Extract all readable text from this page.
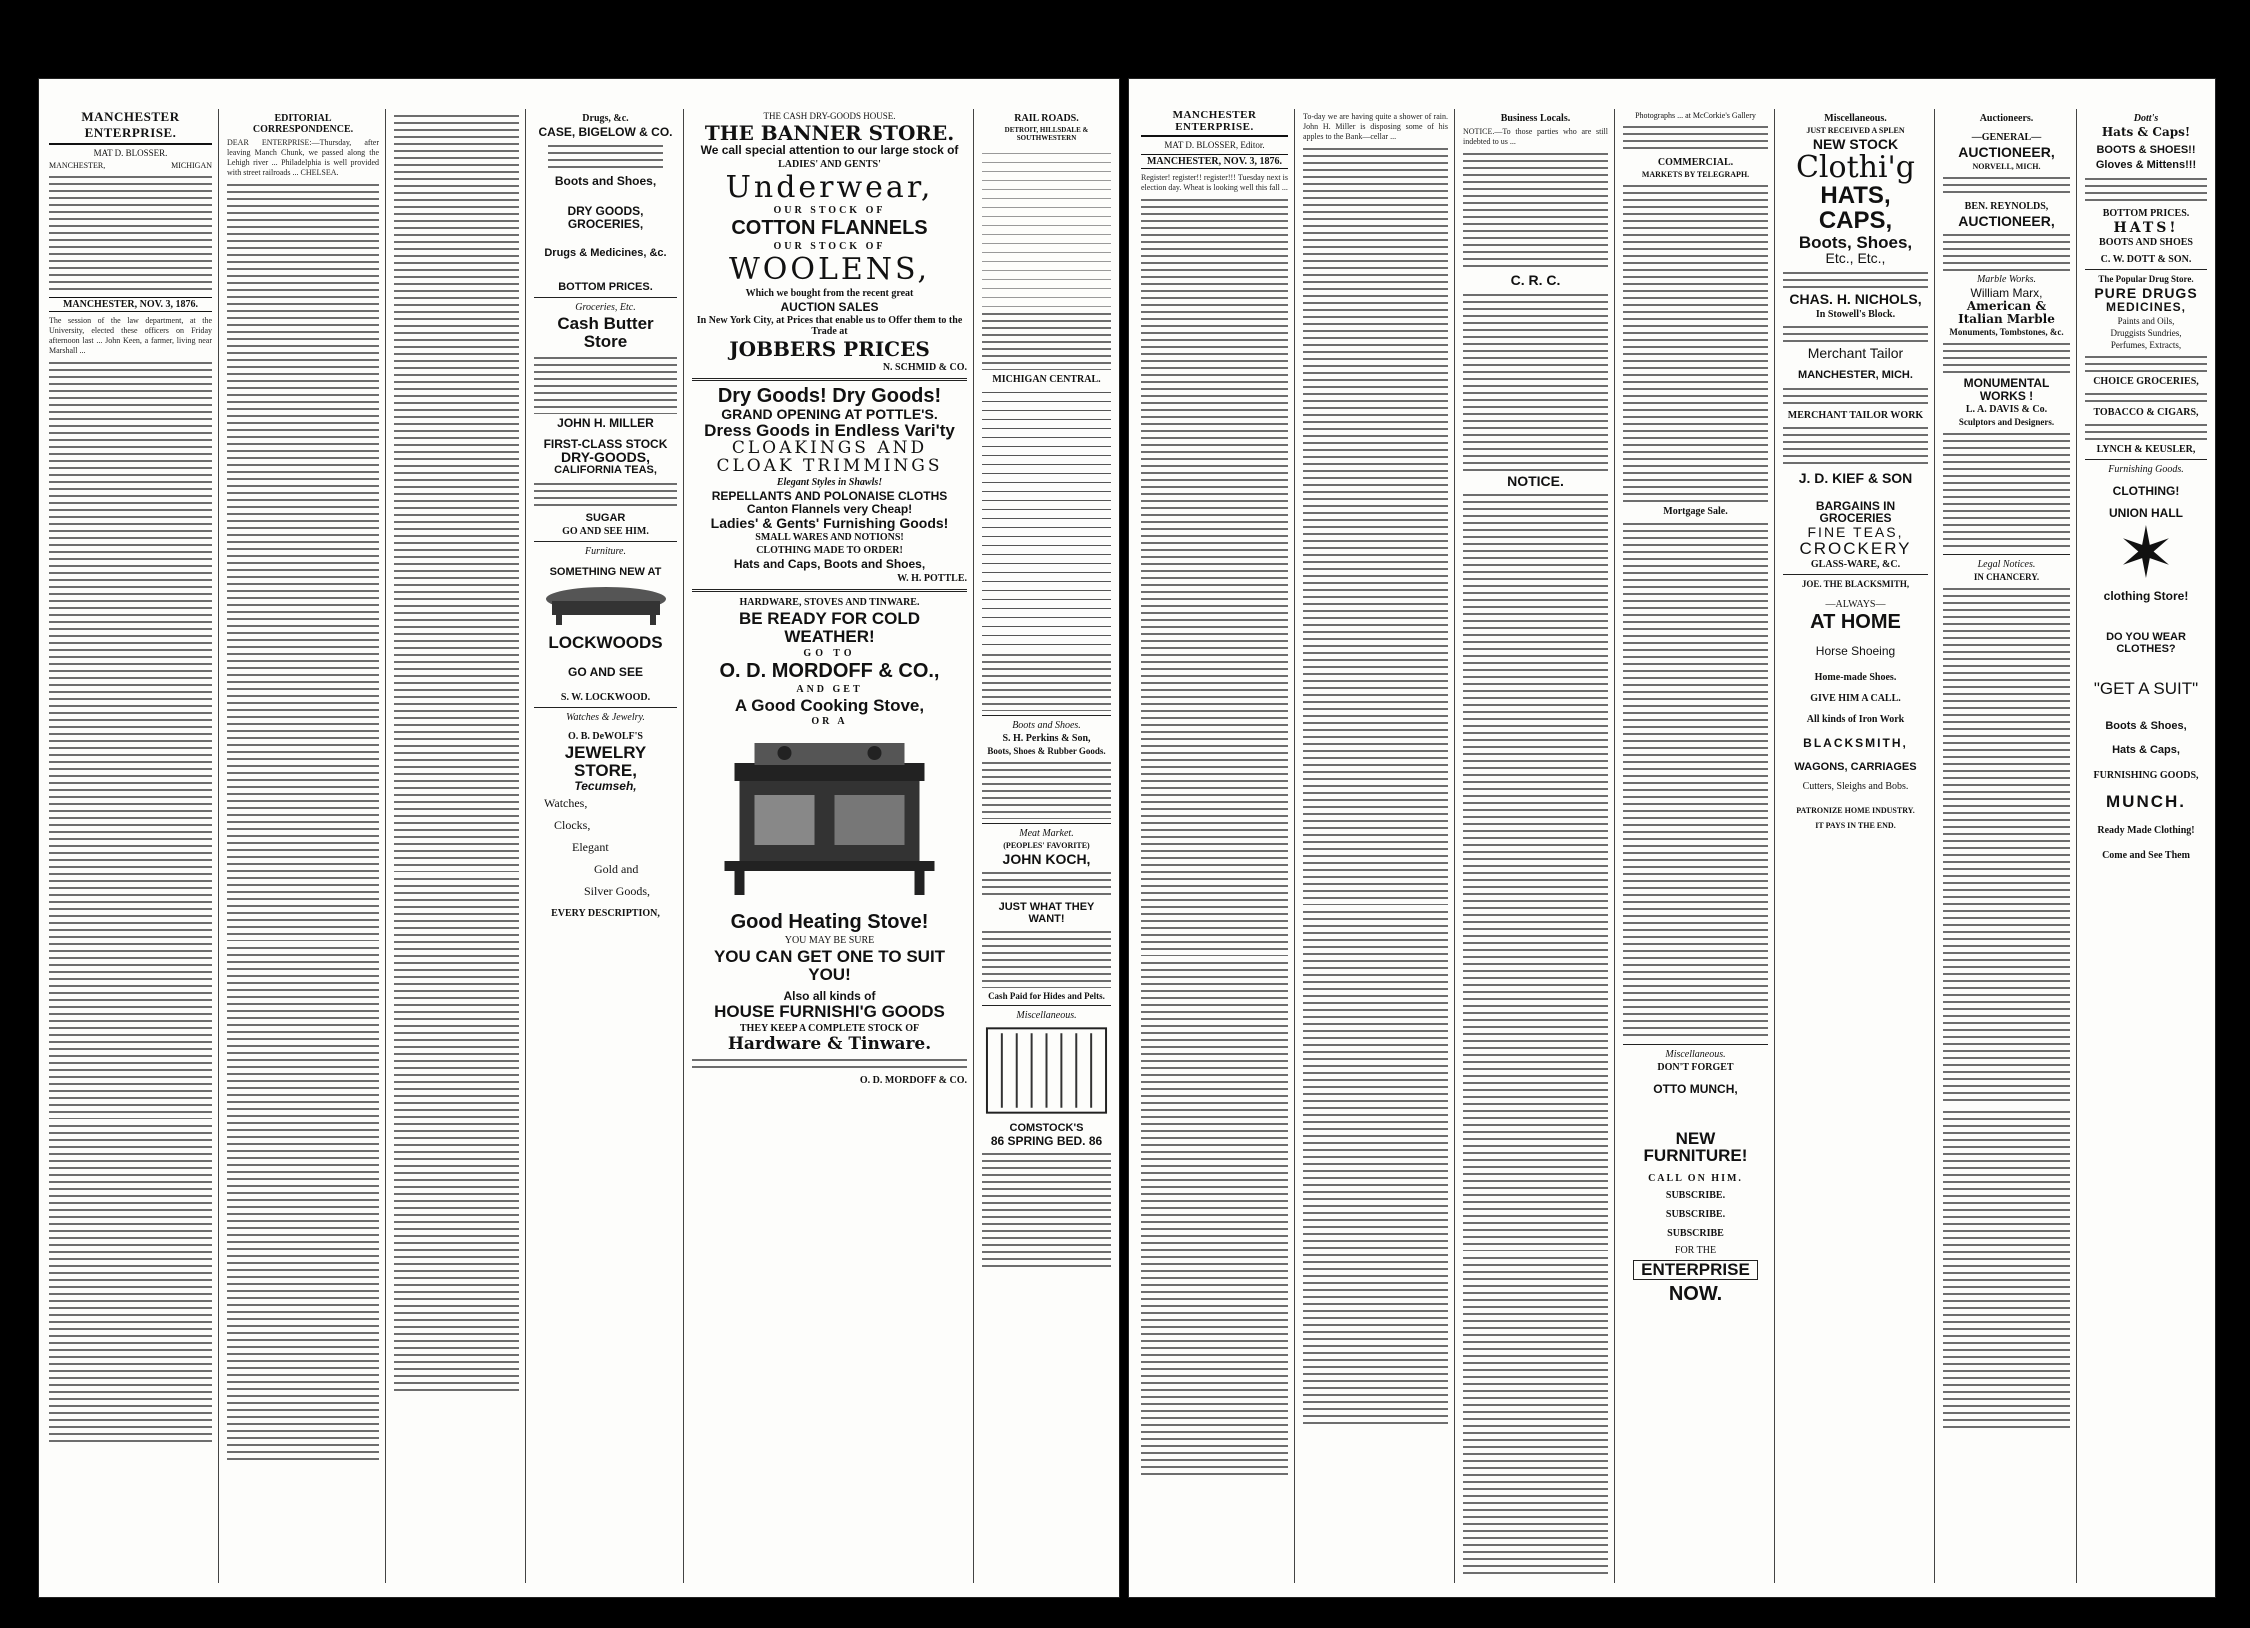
MANCHESTER ENTERPRISE.
MAT D. BLOSSER.
MANCHESTER,	MICHIGAN
MANCHESTER, NOV. 3, 1876.
The session of the law department, at the University, elected these officers on Friday afternoon last ... John Keen, a farmer, living near Marshall ...
EDITORIAL CORRESPONDENCE.
DEAR ENTERPRISE:—Thursday, after leaving Manch Chunk, we passed along the Lehigh river ... Philadelphia is well provided with street railroads ... CHELSEA.
Drugs, &c.
CASE, BIGELOW & CO.
Boots and Shoes,
DRY GOODS, GROCERIES,
Drugs & Medicines, &c.
BOTTOM PRICES.
Groceries, Etc.
Cash Butter Store
JOHN H. MILLER
FIRST-CLASS STOCK
DRY-GOODS,
CALIFORNIA TEAS,
SUGAR
GO AND SEE HIM.
Furniture.
SOMETHING NEW AT
LOCKWOODS
GO AND SEE
S. W. LOCKWOOD.
Watches & Jewelry.
O. B. DeWOLF'S
JEWELRY STORE,
Tecumseh,
Watches,
Clocks,
Elegant
Gold and
Silver Goods,
EVERY DESCRIPTION,
THE CASH DRY-GOODS HOUSE.
THE BANNER STORE.
We call special attention to our large stock of
LADIES' AND GENTS'
Underwear,
OUR STOCK OF
COTTON FLANNELS
OUR STOCK OF
WOOLENS,
Which we bought from the recent great
AUCTION SALES
In New York City, at Prices that enable us to Offer them to the Trade at
JOBBERS PRICES
N. SCHMID & CO.
Dry Goods! Dry Goods!
GRAND OPENING AT POTTLE'S.
Dress Goods in Endless Vari'ty
CLOAKINGS AND
CLOAK TRIMMINGS
Elegant Styles in Shawls!
REPELLANTS AND POLONAISE CLOTHS
Canton Flannels very Cheap!
Ladies' & Gents' Furnishing Goods!
SMALL WARES AND NOTIONS!
CLOTHING MADE TO ORDER!
Hats and Caps, Boots and Shoes,
W. H. POTTLE.
HARDWARE, STOVES AND TINWARE.
BE READY FOR COLD WEATHER!
GO TO
O. D. MORDOFF & CO.,
AND GET
A Good Cooking Stove,
OR A
Good Heating Stove!
YOU MAY BE SURE
YOU CAN GET ONE TO SUIT YOU!
Also all kinds of
HOUSE FURNISHI'G GOODS
THEY KEEP A COMPLETE STOCK OF
Hardware & Tinware.
O. D. MORDOFF & CO.
RAIL ROADS.
DETROIT, HILLSDALE & SOUTHWESTERN

MICHIGAN CENTRAL.
Boots and Shoes.
S. H. Perkins & Son,
Boots, Shoes & Rubber Goods.
Meat Market.
(PEOPLES' FAVORITE)
JOHN KOCH,
JUST WHAT THEY WANT!
Cash Paid for Hides and Pelts.
Miscellaneous.
COMSTOCK'S
86 SPRING BED. 86
MANCHESTER ENTERPRISE.
MAT D. BLOSSER, Editor.
MANCHESTER, NOV. 3, 1876.
Register! register!! register!!! Tuesday next is election day. Wheat is looking well this fall ...
To-day we are having quite a shower of rain. John H. Miller is disposing some of his apples to the Bank—cellar ...
Business Locals.
NOTICE.—To those parties who are still indebted to us ...
C. R. C.
NOTICE.
Photographs ... at McCorkie's Gallery
COMMERCIAL.
MARKETS BY TELEGRAPH.
Mortgage Sale.
Miscellaneous.
DON'T FORGET
OTTO MUNCH,
NEW FURNITURE!
CALL ON HIM.
SUBSCRIBE.
SUBSCRIBE.
SUBSCRIBE
FOR THE
ENTERPRISE
NOW.
Miscellaneous.
JUST RECEIVED A SPLEN
NEW STOCK
Clothi'g
HATS,
CAPS,
Boots, Shoes,
Etc., Etc.,
CHAS. H. NICHOLS,
In Stowell's Block.
Merchant Tailor
MANCHESTER, MICH.
MERCHANT TAILOR WORK
J. D. KIEF & SON
BARGAINS IN GROCERIES
FINE TEAS,
CROCKERY
GLASS-WARE, &C.
JOE. THE BLACKSMITH,
—ALWAYS—
AT HOME
Horse Shoeing
Home-made Shoes.
GIVE HIM A CALL.
All kinds of Iron Work
BLACKSMITH,
WAGONS, CARRIAGES
Cutters, Sleighs and Bobs.
PATRONIZE HOME INDUSTRY.
IT PAYS IN THE END.
Auctioneers.
—GENERAL—
AUCTIONEER,
NORVELL, MICH.
BEN. REYNOLDS,
AUCTIONEER,
Marble Works.
William Marx,
American & Italian Marble
Monuments, Tombstones, &c.
MONUMENTAL WORKS !
L. A. DAVIS & Co.
Sculptors and Designers.
Legal Notices.
IN CHANCERY.
Dott's
Hats & Caps!
BOOTS & SHOES!!
Gloves & Mittens!!!
BOTTOM PRICES.
HATS!
BOOTS AND SHOES
C. W. DOTT & SON.
The Popular Drug Store.
PURE DRUGS
MEDICINES,
Paints and Oils,
Druggists Sundries,
Perfumes, Extracts,
CHOICE GROCERIES,
TOBACCO & CIGARS,
LYNCH & KEUSLER,
Furnishing Goods.
CLOTHING!
UNION HALL
✶
clothing Store!
DO YOU WEAR CLOTHES?
"GET A SUIT"
Boots & Shoes,
Hats & Caps,
FURNISHING GOODS,
MUNCH.
Ready Made Clothing!
Come and See Them
